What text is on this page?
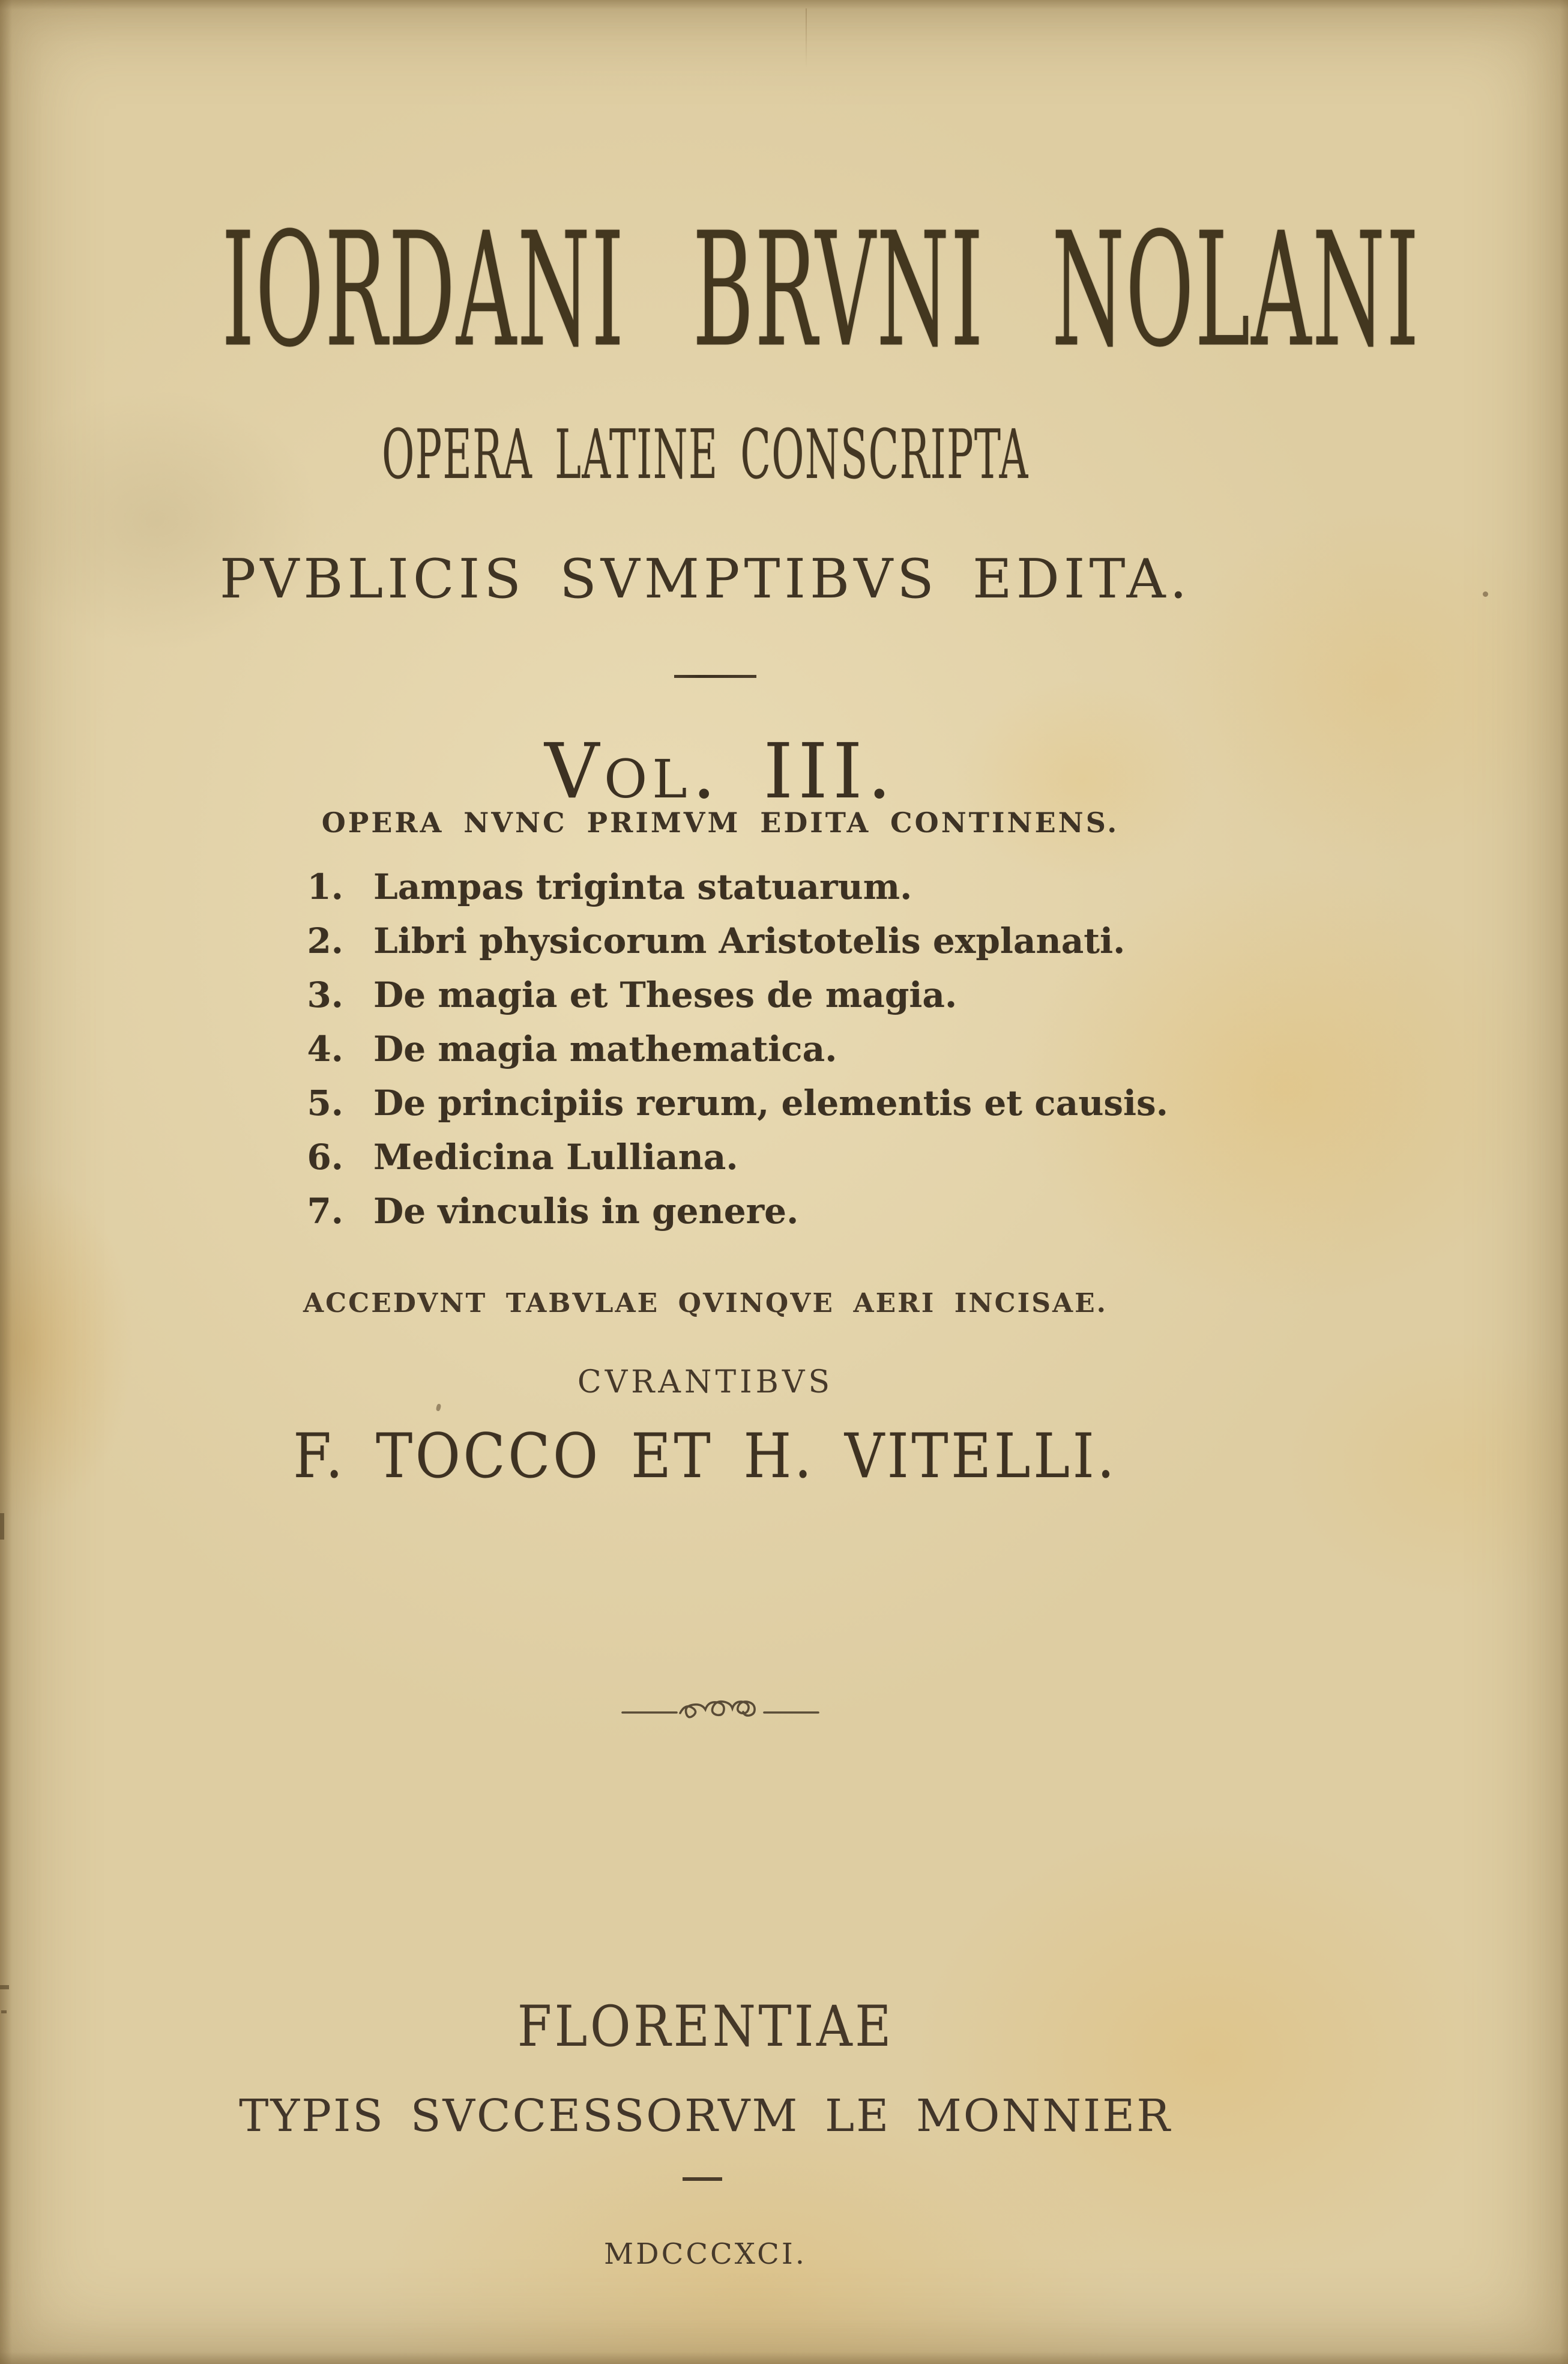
IORDANI BRVNI NOLANI
OPERA LATINE CONSCRIPTA
PVBLICIS SVMPTIBVS EDITA.
Vol. III.
OPERA NVNC PRIMVM EDITA CONTINENS.
1. Lampas triginta statuarum.
2. Libri physicorum Aristotelis explanati.
3. De magia et Theses de magia.
4. De magia mathematica.
5. De principiis rerum, elementis et causis.
6. Medicina Lulliana.
7. De vinculis in genere.
ACCEDVNT TABVLAE QVINQVE AERI INCISAE.
CVRANTIBVS
F. TOCCO ET H. VITELLI.
FLORENTIAE
TYPIS SVCCESSORVM LE MONNIER
MDCCCXCI.
